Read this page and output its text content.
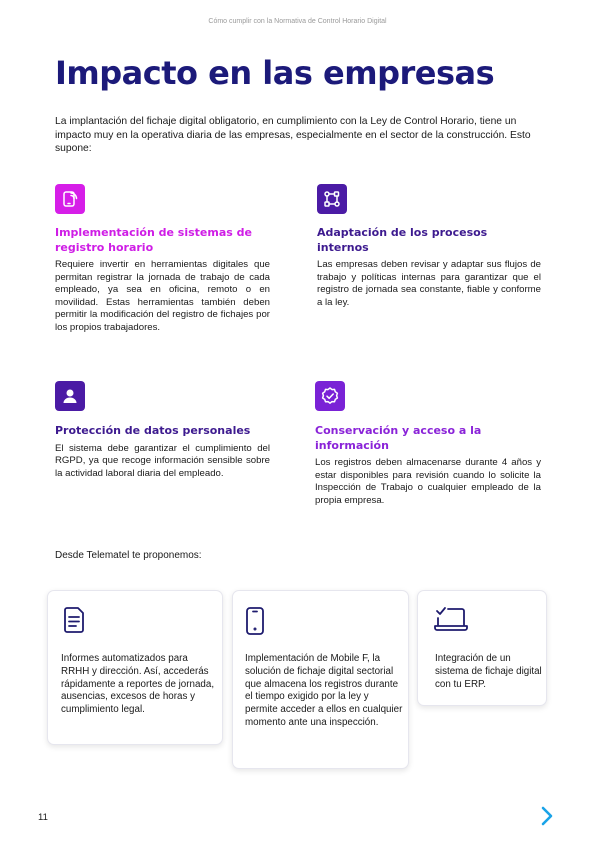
Cómo cumplir con la Normativa de Control Horario Digital
Impacto en las empresas
La implantación del fichaje digital obligatorio, en cumplimiento con la Ley de Control Horario, tiene un impacto muy en la operativa diaria de las empresas, especialmente en el sector de la construcción. Esto supone:
Implementación de sistemas de registro horario

Requiere invertir en herramientas digitales que permitan registrar la jornada de trabajo de cada empleado, ya sea en oficina, remoto o en movilidad. Estas herramientas también deben permitir la modificación del registro de fichajes por los propios trabajadores.

Adaptación de los procesos internos

Las empresas deben revisar y adaptar sus flujos de trabajo y políticas internas para garantizar que el registro de jornada sea constante, fiable y conforme a la ley.

Protección de datos personales

El sistema debe garantizar el cumplimiento del RGPD, ya que recoge información sensible sobre la actividad laboral diaria del empleado.

Conservación y acceso a la información

Los registros deben almacenarse durante 4 años y estar disponibles para revisión cuando lo solicite la Inspección de Trabajo o cualquier empleado de la propia empresa.

Desde Telematel te proponemos:
Informes automatizados para RRHH y dirección. Así, accederás rápidamente a reportes de jornada, ausencias, excesos de horas y cumplimiento legal.
Implementación de Mobile F, la solución de fichaje digital sectorial que almacena los registros durante el tiempo exigido por la ley y permite acceder a ellos en cualquier momento ante una inspección.
Integración de un sistema de fichaje digital con tu ERP.
11
